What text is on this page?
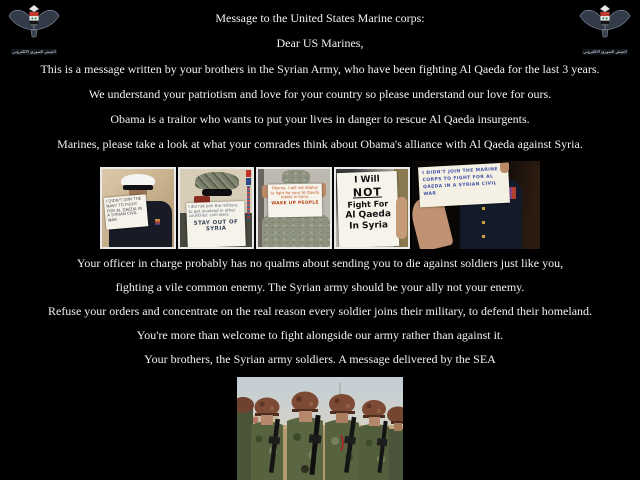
الجيش السوري الالكتروني	الجيش السوري الالكتروني
Message to the United States Marine corps:
Dear US Marines,
This is a message written by your brothers in the Syrian Army, who have been fighting Al Qaeda for the last 3 years.
We understand your patriotism and love for your country so please understand our love for ours.
Obama is a traitor who wants to put your lives in danger to rescue Al Qaeda insurgents.
Marines, please take a look at what your comrades think about Obama's alliance with Al Qaeda against Syria.
I DIDN'T JOIN THE NAVY TO FIGHT FOR AL QAEDA IN A SYRIAN CIVIL WAR
I did not join the military to get involved in other countries' civil wars.
STAY OUT OF SYRIA
Obama, I will not deploy to fight for your Al-Qaeda rebels in Syria.
WAKE UP PEOPLE
I Will
NOT
Fight For
Al Qaeda
In Syria
I DIDN'T JOIN THE MARINE CORPS TO FIGHT FOR AL QAEDA IN A SYRIAN CIVIL WAR
Your officer in charge probably has no qualms about sending you to die against soldiers just like you,
fighting a vile common enemy. The Syrian army should be your ally not your enemy.
Refuse your orders and concentrate on the real reason every soldier joins their military, to defend their homeland.
You're more than welcome to fight alongside our army rather than against it.
Your brothers, the Syrian army soldiers. A message delivered by the SEA
